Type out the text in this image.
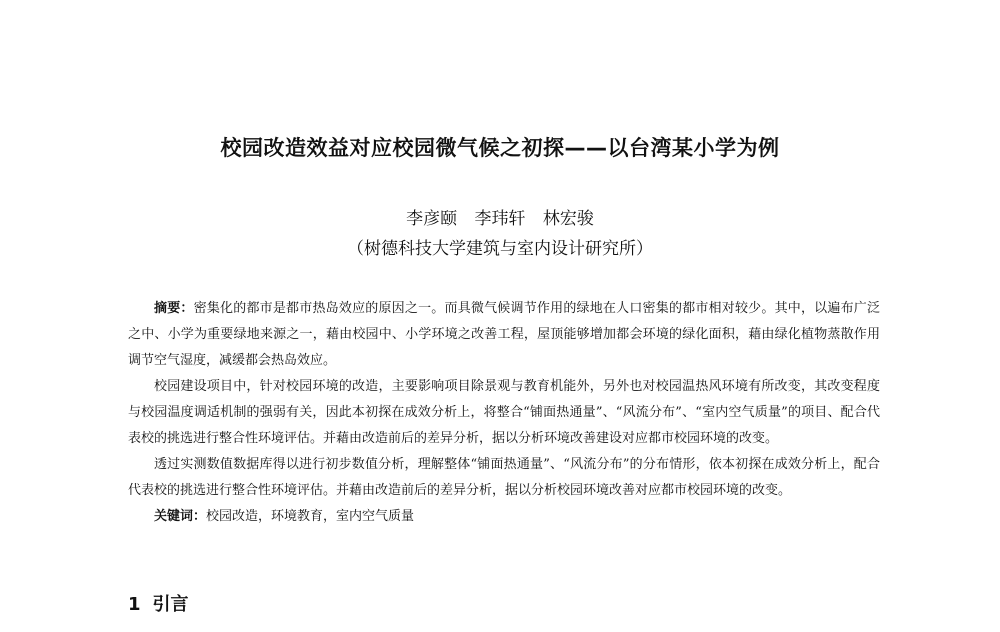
校园改造效益对应校园微气候之初探——以台湾某小学为例
李彦颐 李玮轩 林宏骏
（树德科技大学建筑与室内设计研究所）

摘要：密集化的都市是都市热岛效应的原因之一。而具微气候调节作用的绿地在人口密集的都市相对较少。其中，以遍布广泛之中、小学为重要绿地来源之一，藉由校园中、小学环境之改善工程，屋顶能够增加都会环境的绿化面积，藉由绿化植物蒸散作用调节空气湿度，减缓都会热岛效应。

校园建设项目中，针对校园环境的改造，主要影响项目除景观与教育机能外，另外也对校园温热风环境有所改变，其改变程度与校园温度调适机制的强弱有关，因此本初探在成效分析上，将整合“铺面热通量”、“风流分布”、“室内空气质量”的项目、配合代表校的挑选进行整合性环境评估。并藉由改造前后的差异分析，据以分析环境改善建设对应都市校园环境的改变。

透过实测数值数据库得以进行初步数值分析，理解整体“铺面热通量”、“风流分布”的分布情形，依本初探在成效分析上，配合代表校的挑选进行整合性环境评估。并藉由改造前后的差异分析，据以分析校园环境改善对应都市校园环境的改变。

关键词：校园改造，环境教育，室内空气质量

1 引言
